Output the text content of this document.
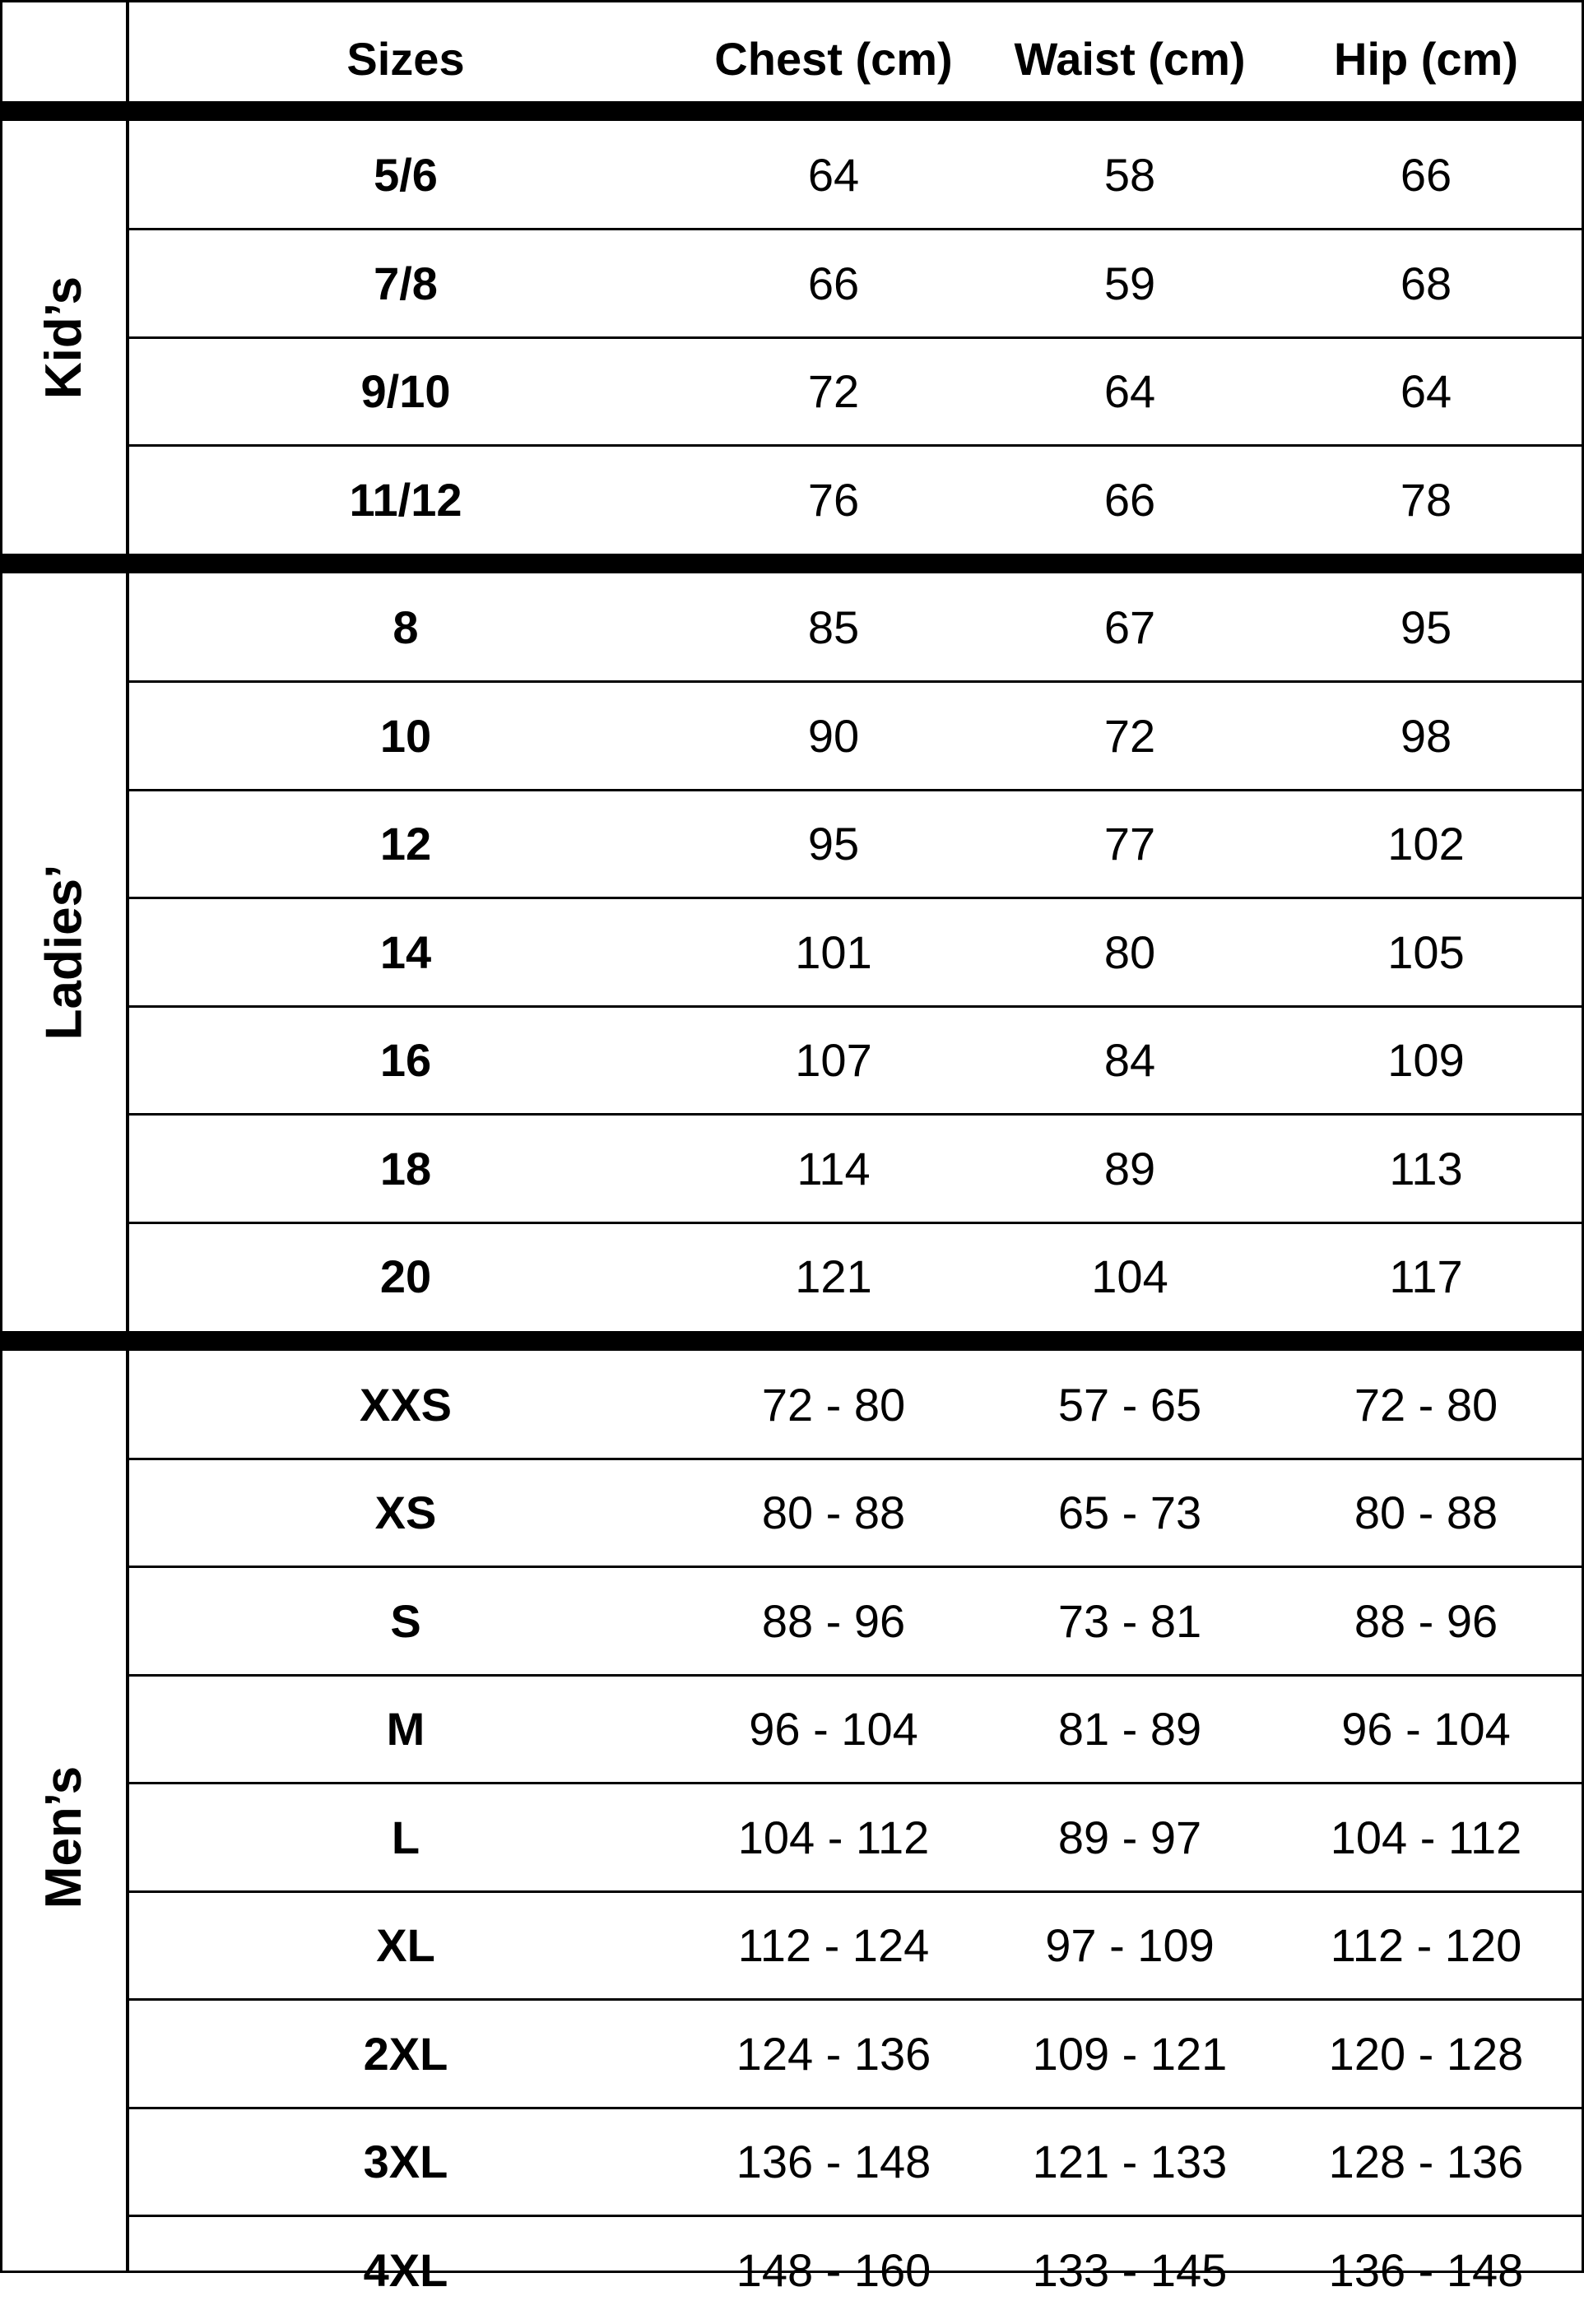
Sizes	Chest (cm)	Waist (cm)	Hip (cm)
5/6	64	58	66
7/8	66	59	68
9/10	72	64	64
11/12	76	66	78
Kid’s
8	85	67	95
10	90	72	98
12	95	77	102
14	101	80	105
16	107	84	109
18	114	89	113
20	121	104	117
Ladies’
XXS	72 - 80	57 - 65	72 - 80
XS	80 - 88	65 - 73	80 - 88
S	88 - 96	73 - 81	88 - 96
M	96 - 104	81 - 89	96 - 104
L	104 - 112	89 - 97	104 - 112
XL	112 - 124	97 - 109	112 - 120
2XL	124 - 136	109 - 121	120 - 128
3XL	136 - 148	121 - 133	128 - 136
4XL	148 - 160	133 - 145	136 - 148
Men’s
